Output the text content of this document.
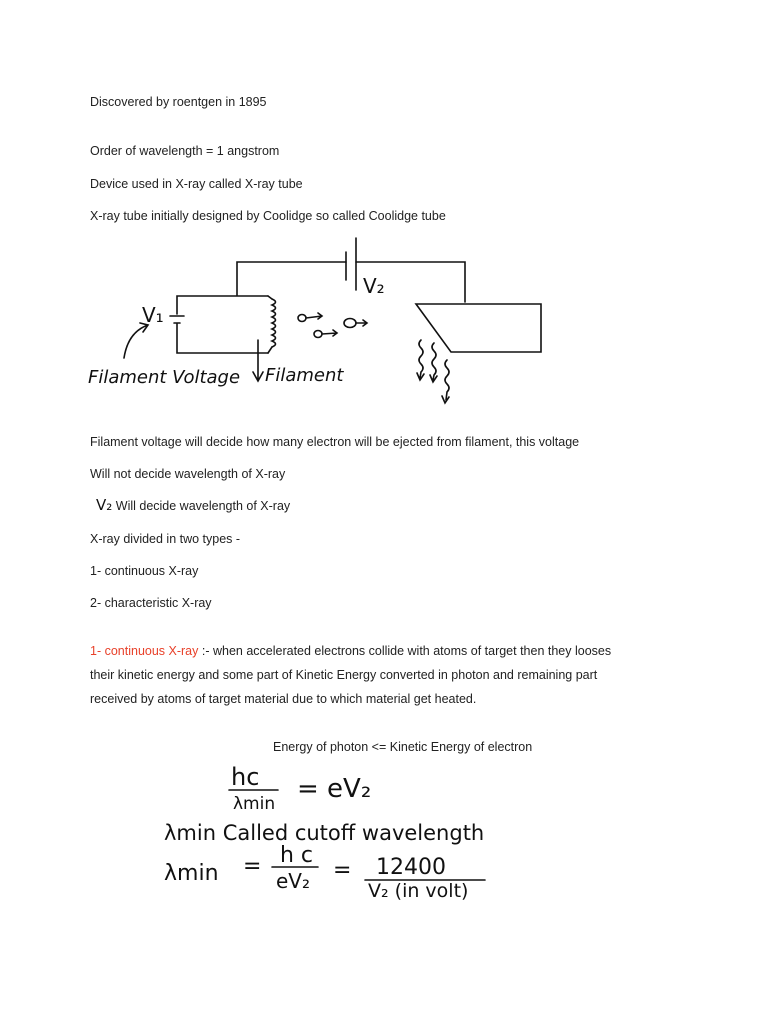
Discovered by roentgen in 1895
Order of wavelength = 1 angstrom
Device used in X-ray called X-ray tube
X-ray tube initially designed by Coolidge so called Coolidge tube
V₁
V₂
Filament Voltage Filament
Filament voltage will decide how many electron will be ejected from filament, this voltage
Will not decide wavelength of X-ray
V₂ Will decide wavelength of X-ray
X-ray divided in two types -
1- continuous X-ray
2- characteristic X-ray
1- continuous X-ray :- when accelerated electrons collide with atoms of target then they looses
their kinetic energy and some part of Kinetic Energy converted in photon and remaining part
received by atoms of target material due to which material get heated.
Energy of photon <= Kinetic Energy of electron
hc
λmin = eV₂
λmin Called cutoff wavelength
λmin = h c
eV₂ = 12400
V₂ (in volt)
